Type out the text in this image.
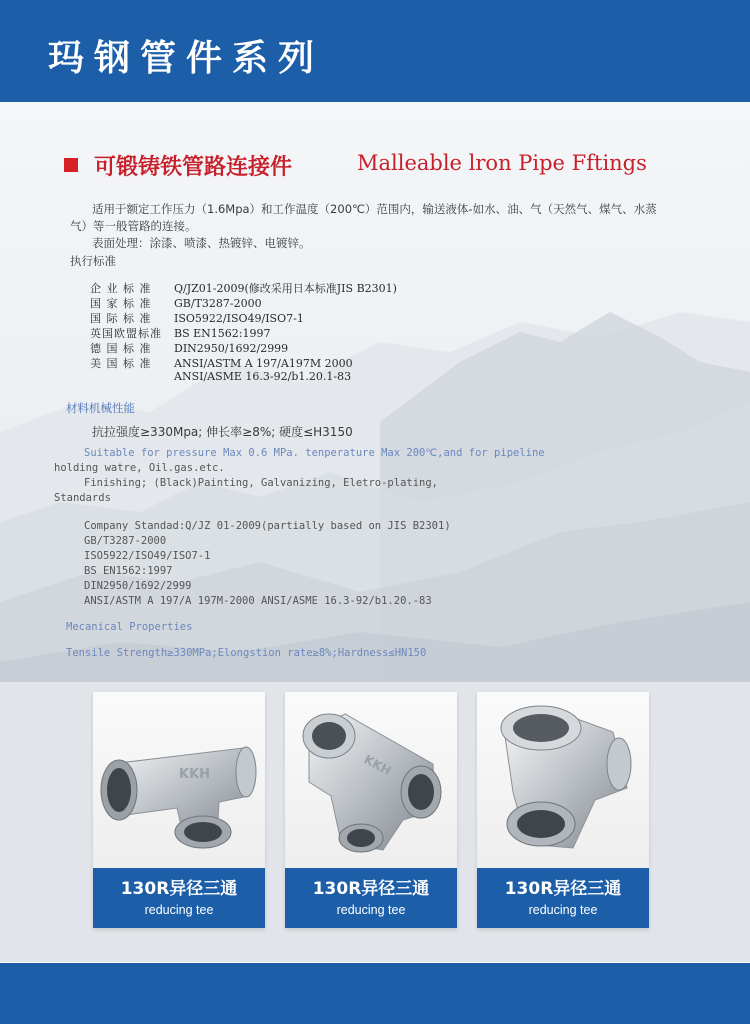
玛钢管件系列
可锻铸铁管路连接件	Malleable lron Pipe Fftings
适用于额定工作压力（1.6Mpa）和工作温度（200℃）范围内，输送液体-如水、油、气（天然气、煤气、水蒸气）等一般管路的连接。
表面处理：涂漆、喷漆、热镀锌、电镀锌。
执行标准
企 业 标 准 Q/JZ01-2009(修改采用日本标准JIS B2301)
国 家 标 准 GB/T3287-2000
国 际 标 准 ISO5922/ISO49/ISO7-1
英国欧盟标准 BS EN1562:1997
德 国 标 准 DIN2950/1692/2999
美 国 标 准 ANSI/ASTM A 197/A197M 2000
ANSI/ASME 16.3-92/b1.20.1-83
材料机械性能
抗拉强度≥330Mpa; 伸长率≥8%; 硬度≤H3150
Suitable for pressure Max 0.6 MPa. tenperature Max 200℃,and for pipeline
holding watre, Oil.gas.etc.
Finishing; (Black)Painting, Galvanizing, Eletro-plating,
Standards
Company Standad:Q/JZ 01-2009(partially based on JIS B2301)
GB/T3287-2000
ISO5922/ISO49/ISO7-1
BS EN1562:1997
DIN2950/1692/2999
ANSI/ASTM A 197/A 197M-2000 ANSI/ASME 16.3-92/b1.20.-83
Mecanical Properties
Tensile Strength≥330MPa;Elongstion rate≥8%;Hardness≤HN150
KKH
130R异径三通
reducing tee
KKH
130R异径三通
reducing tee
130R异径三通
reducing tee
